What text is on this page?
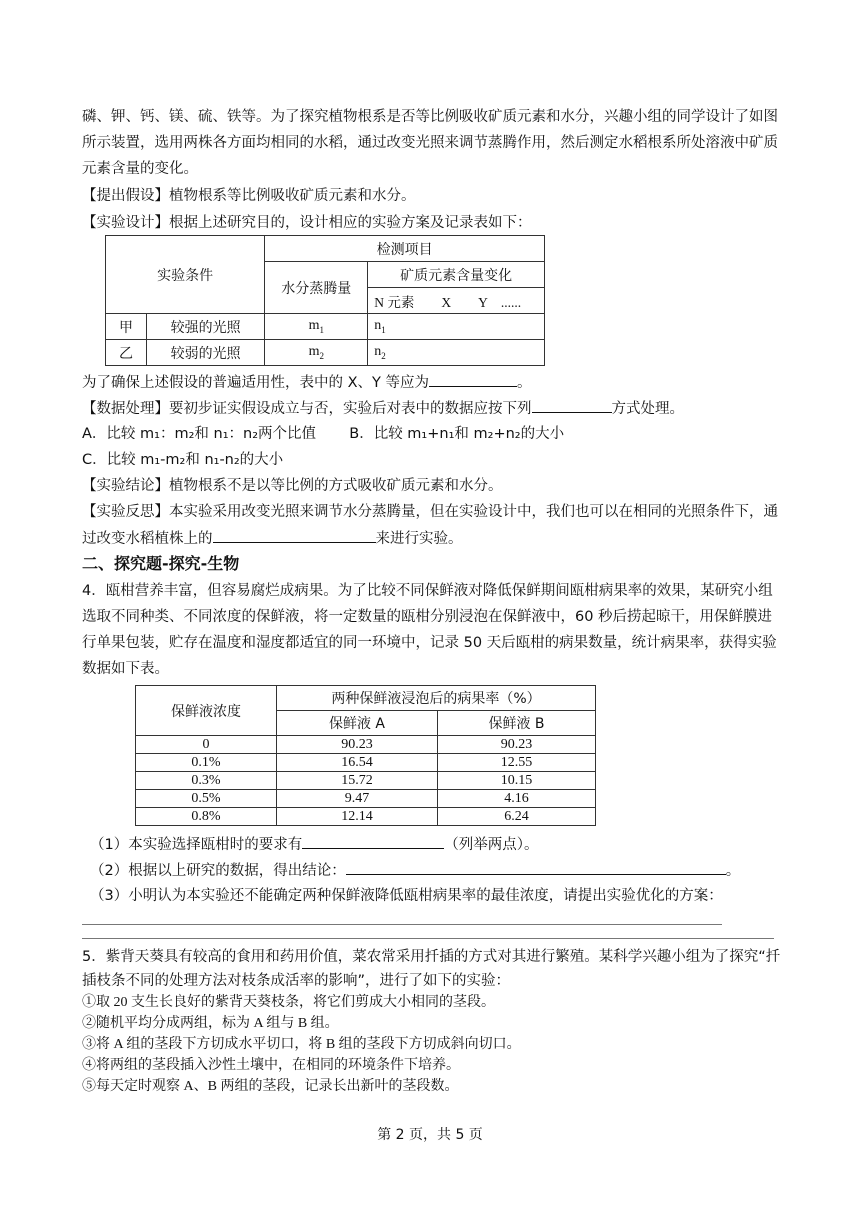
磷、钾、钙、镁、硫、铁等。为了探究植物根系是否等比例吸收矿质元素和水分，兴趣小组的同学设计了如图
所示装置，选用两株各方面均相同的水稻，通过改变光照来调节蒸腾作用，然后测定水稻根系所处溶液中矿质
元素含量的变化。
【提出假设】植物根系等比例吸收矿质元素和水分。
【实验设计】根据上述研究目的，设计相应的实验方案及记录表如下：
实验条件		检测项目	
		水分蒸腾量	矿质元素含量变化
			N 元素　　X　　Y　......
甲	较强的光照	$m_1$	$n_1$
乙	较弱的光照	$m_2$	$n_2$
为了确保上述假设的普遍适用性，表中的 X、Y 等应为	。
【数据处理】要初步证实假设成立与否，实验后对表中的数据应按下列	方式处理。
A．比较 m₁：m₂和 n₁：n₂两个比值 B．比较 m₁+n₁和 m₂+n₂的大小
C．比较 m₁-m₂和 n₁-n₂的大小
【实验结论】植物根系不是以等比例的方式吸收矿质元素和水分。
【实验反思】本实验采用改变光照来调节水分蒸腾量，但在实验设计中，我们也可以在相同的光照条件下，通
过改变水稻植株上的	来进行实验。
二、探究题-探究-生物
4．瓯柑营养丰富，但容易腐烂成病果。为了比较不同保鲜液对降低保鲜期间瓯柑病果率的效果，某研究小组
选取不同种类、不同浓度的保鲜液，将一定数量的瓯柑分别浸泡在保鲜液中，60 秒后捞起晾干，用保鲜膜进
行单果包装，贮存在温度和湿度都适宜的同一环境中，记录 50 天后瓯柑的病果数量，统计病果率，获得实验
数据如下表。
保鲜液浓度	两种保鲜液浸泡后的病果率（%）	
	保鲜液 A	保鲜液 B
0	90.23	90.23
0.1%	16.54	12.55
0.3%	15.72	10.15
0.5%	9.47	4.16
0.8%	12.14	6.24
（1）本实验选择瓯柑时的要求有	（列举两点）。
（2）根据以上研究的数据，得出结论：	。
（3）小明认为本实验还不能确定两种保鲜液降低瓯柑病果率的最佳浓度，请提出实验优化的方案：
5．紫背天葵具有较高的食用和药用价值，菜农常采用扦插的方式对其进行繁殖。某科学兴趣小组为了探究“扦
插枝条不同的处理方法对枝条成活率的影响”，进行了如下的实验：
①取 20 支生长良好的紫背天葵枝条，将它们剪成大小相同的茎段。
②随机平均分成两组，标为 A 组与 B 组。
③将 A 组的茎段下方切成水平切口，将 B 组的茎段下方切成斜向切口。
④将两组的茎段插入沙性土壤中，在相同的环境条件下培养。
⑤每天定时观察 A、B 两组的茎段，记录长出新叶的茎段数。
第 2 页，共 5 页
